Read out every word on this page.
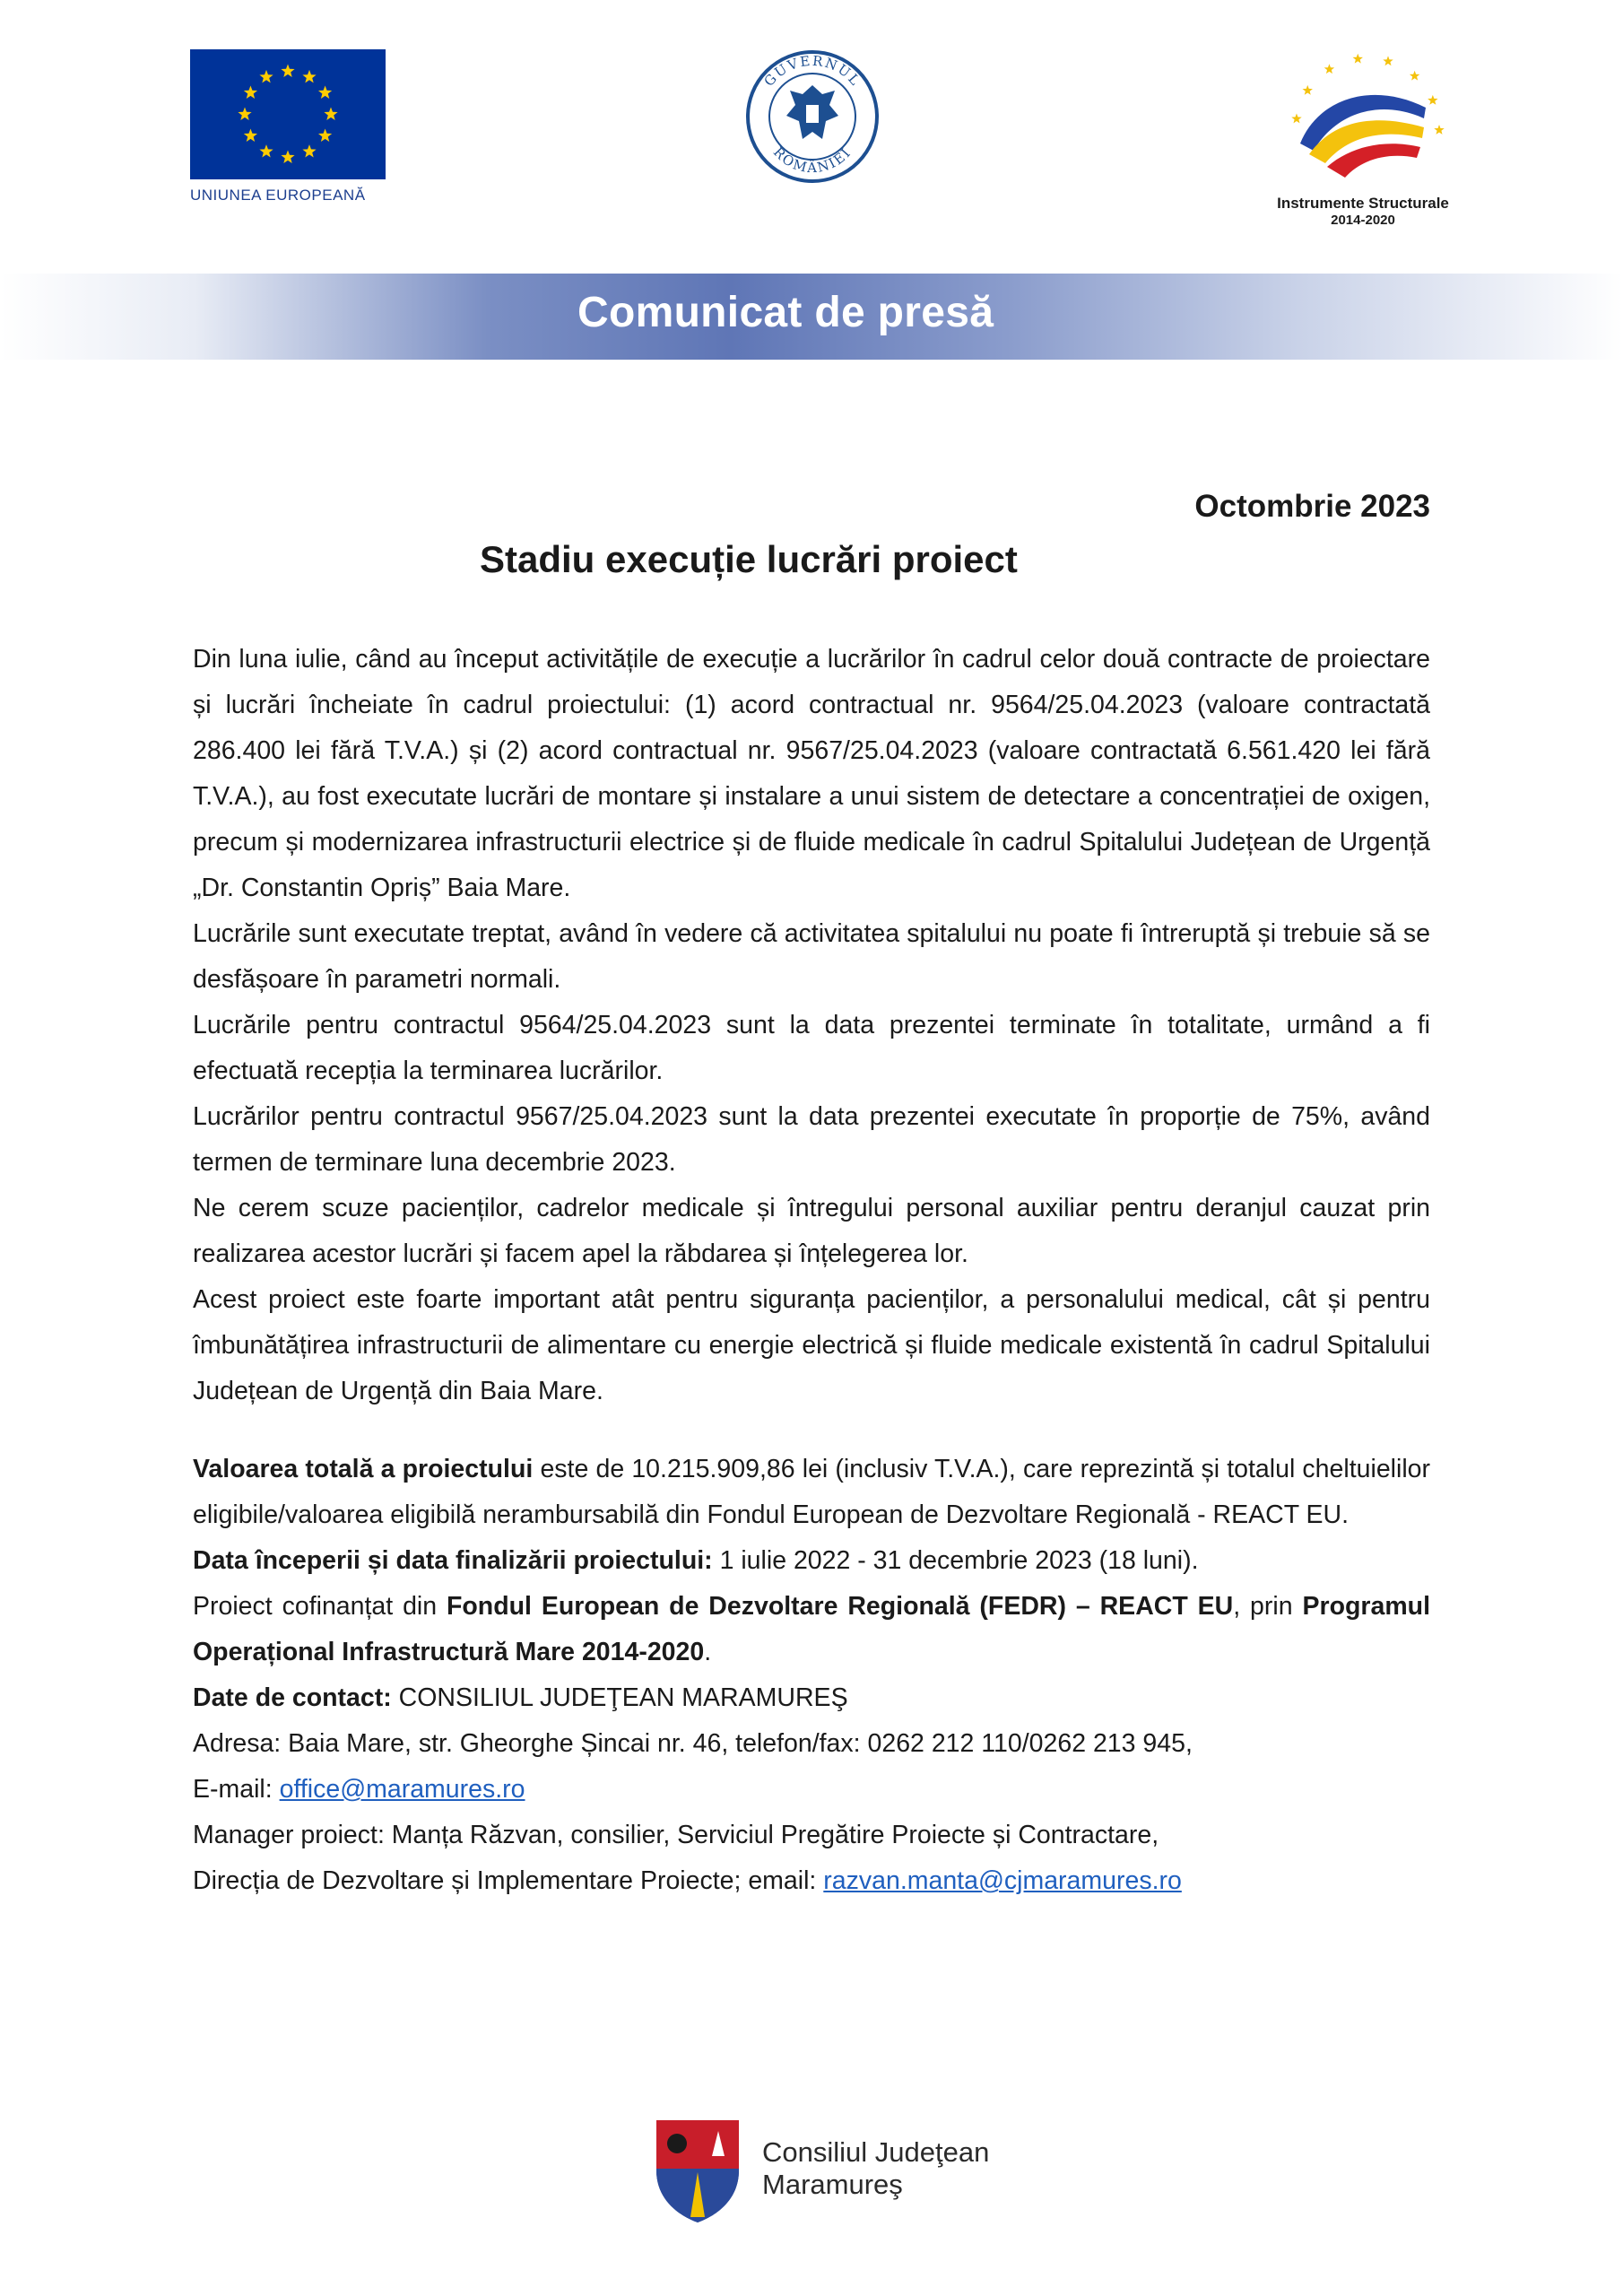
UNIUNEA EUROPEANĂ
GUVERNUL
ROMÂNIEI
Instrumente Structurale
2014-2020
Comunicat de presă
Octombrie 2023
Stadiu execuție lucrări proiect

Din luna iulie, când au început activitățile de execuție a lucrărilor în cadrul celor două contracte de proiectare și lucrări încheiate în cadrul proiectului: (1) acord contractual nr. 9564/25.04.2023 (valoare contractată 286.400 lei fără T.V.A.) și (2) acord contractual nr. 9567/25.04.2023 (valoare contractată 6.561.420 lei fără T.V.A.), au fost executate lucrări de montare și instalare a unui sistem de detectare a concentrației de oxigen, precum și modernizarea infrastructurii electrice și de fluide medicale în cadrul Spitalului Județean de Urgență „Dr. Constantin Opriș” Baia Mare.

Lucrările sunt executate treptat, având în vedere că activitatea spitalului nu poate fi întreruptă și trebuie să se desfășoare în parametri normali.

Lucrările pentru contractul 9564/25.04.2023 sunt la data prezentei terminate în totalitate, urmând a fi efectuată recepția la terminarea lucrărilor.

Lucrărilor pentru contractul 9567/25.04.2023 sunt la data prezentei executate în proporție de 75%, având termen de terminare luna decembrie 2023.

Ne cerem scuze pacienților, cadrelor medicale și întregului personal auxiliar pentru deranjul cauzat prin realizarea acestor lucrări și facem apel la răbdarea și înțelegerea lor.

Acest proiect este foarte important atât pentru siguranța pacienților, a personalului medical, cât și pentru îmbunătățirea infrastructurii de alimentare cu energie electrică și fluide medicale existentă în cadrul Spitalului Județean de Urgență din Baia Mare.

Valoarea totală a proiectului este de 10.215.909,86 lei (inclusiv T.V.A.), care reprezintă și totalul cheltuielilor eligibile/valoarea eligibilă nerambursabilă din Fondul European de Dezvoltare Regională - REACT EU.

Data începerii și data finalizării proiectului: 1 iulie 2022 - 31 decembrie 2023 (18 luni).

Proiect cofinanțat din Fondul European de Dezvoltare Regională (FEDR) – REACT EU, prin Programul Operațional Infrastructură Mare 2014-2020.

Date de contact: CONSILIUL JUDEŢEAN MARAMUREŞ

Adresa: Baia Mare, str. Gheorghe Șincai nr. 46, telefon/fax: 0262 212 110/0262 213 945,

E-mail: office@maramures.ro

Manager proiect: Manța Răzvan, consilier, Serviciul Pregătire Proiecte și Contractare,

Direcția de Dezvoltare și Implementare Proiecte; email: razvan.manta@cjmaramures.ro

Consiliul Judeţean
Maramureş
